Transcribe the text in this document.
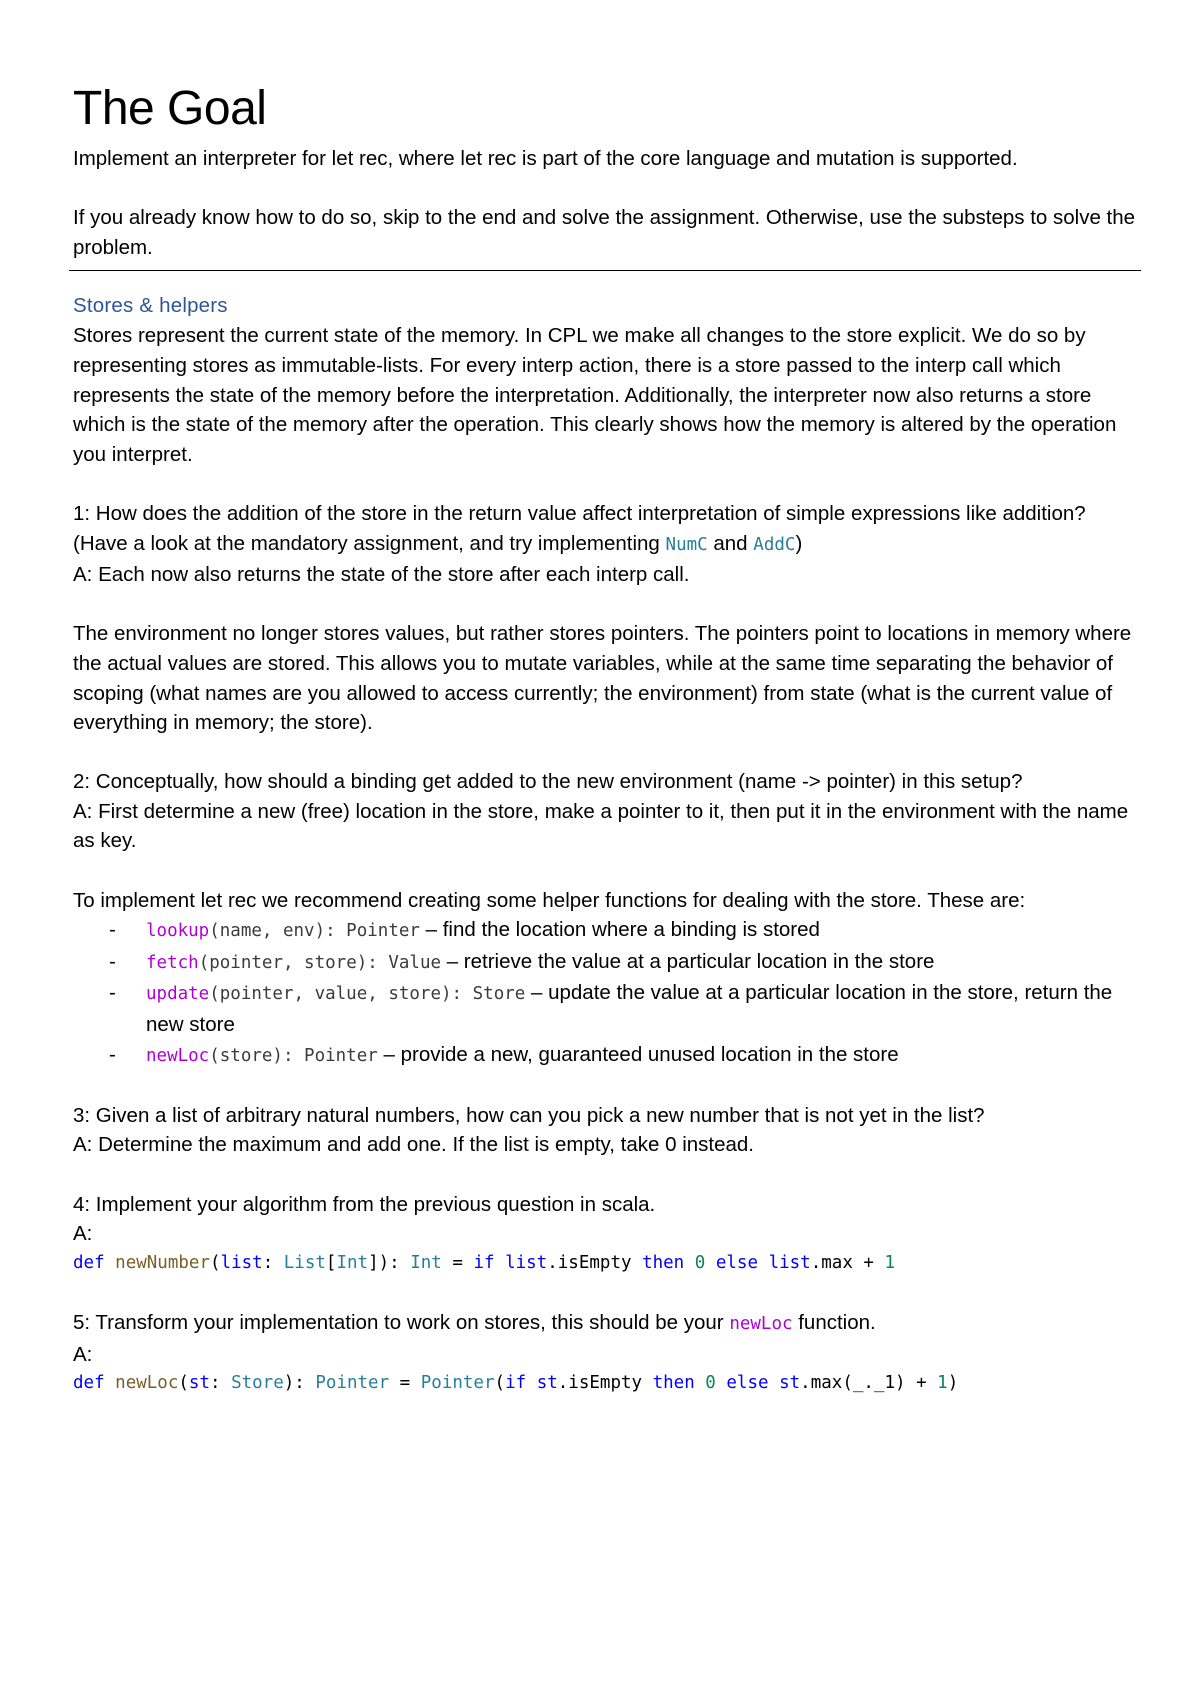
The Goal

Implement an interpreter for let rec, where let rec is part of the core language and mutation is supported.

If you already know how to do so, skip to the end and solve the assignment. Otherwise, use the substeps to solve the problem.

Stores & helpers

Stores represent the current state of the memory. In CPL we make all changes to the store explicit. We do so by representing stores as immutable-lists. For every interp action, there is a store passed to the interp call which represents the state of the memory before the interpretation. Additionally, the interpreter now also returns a store which is the state of the memory after the operation. This clearly shows how the memory is altered by the operation you interpret.

1: How does the addition of the store in the return value affect interpretation of simple expressions like addition? (Have a look at the mandatory assignment, and try implementing NumC and AddC)

A: Each now also returns the state of the store after each interp call.

The environment no longer stores values, but rather stores pointers. The pointers point to locations in memory where the actual values are stored. This allows you to mutate variables, while at the same time separating the behavior of scoping (what names are you allowed to access currently; the environment) from state (what is the current value of everything in memory; the store).

2: Conceptually, how should a binding get added to the new environment (name -> pointer) in this setup?

A: First determine a new (free) location in the store, make a pointer to it, then put it in the environment with the name as key.

To implement let rec we recommend creating some helper functions for dealing with the store. These are:

- lookup(name, env): Pointer – find the location where a binding is stored
- fetch(pointer, store): Value – retrieve the value at a particular location in the store
- update(pointer, value, store): Store – update the value at a particular location in the store, return the new store
- newLoc(store): Pointer – provide a new, guaranteed unused location in the store

3: Given a list of arbitrary natural numbers, how can you pick a new number that is not yet in the list?

A: Determine the maximum and add one. If the list is empty, take 0 instead.

4: Implement your algorithm from the previous question in scala.

A:

def newNumber(list: List[Int]): Int = if list.isEmpty then 0 else list.max + 1

5: Transform your implementation to work on stores, this should be your newLoc function.

A:

def newLoc(st: Store): Pointer = Pointer(if st.isEmpty then 0 else st.max(_._1) + 1)
